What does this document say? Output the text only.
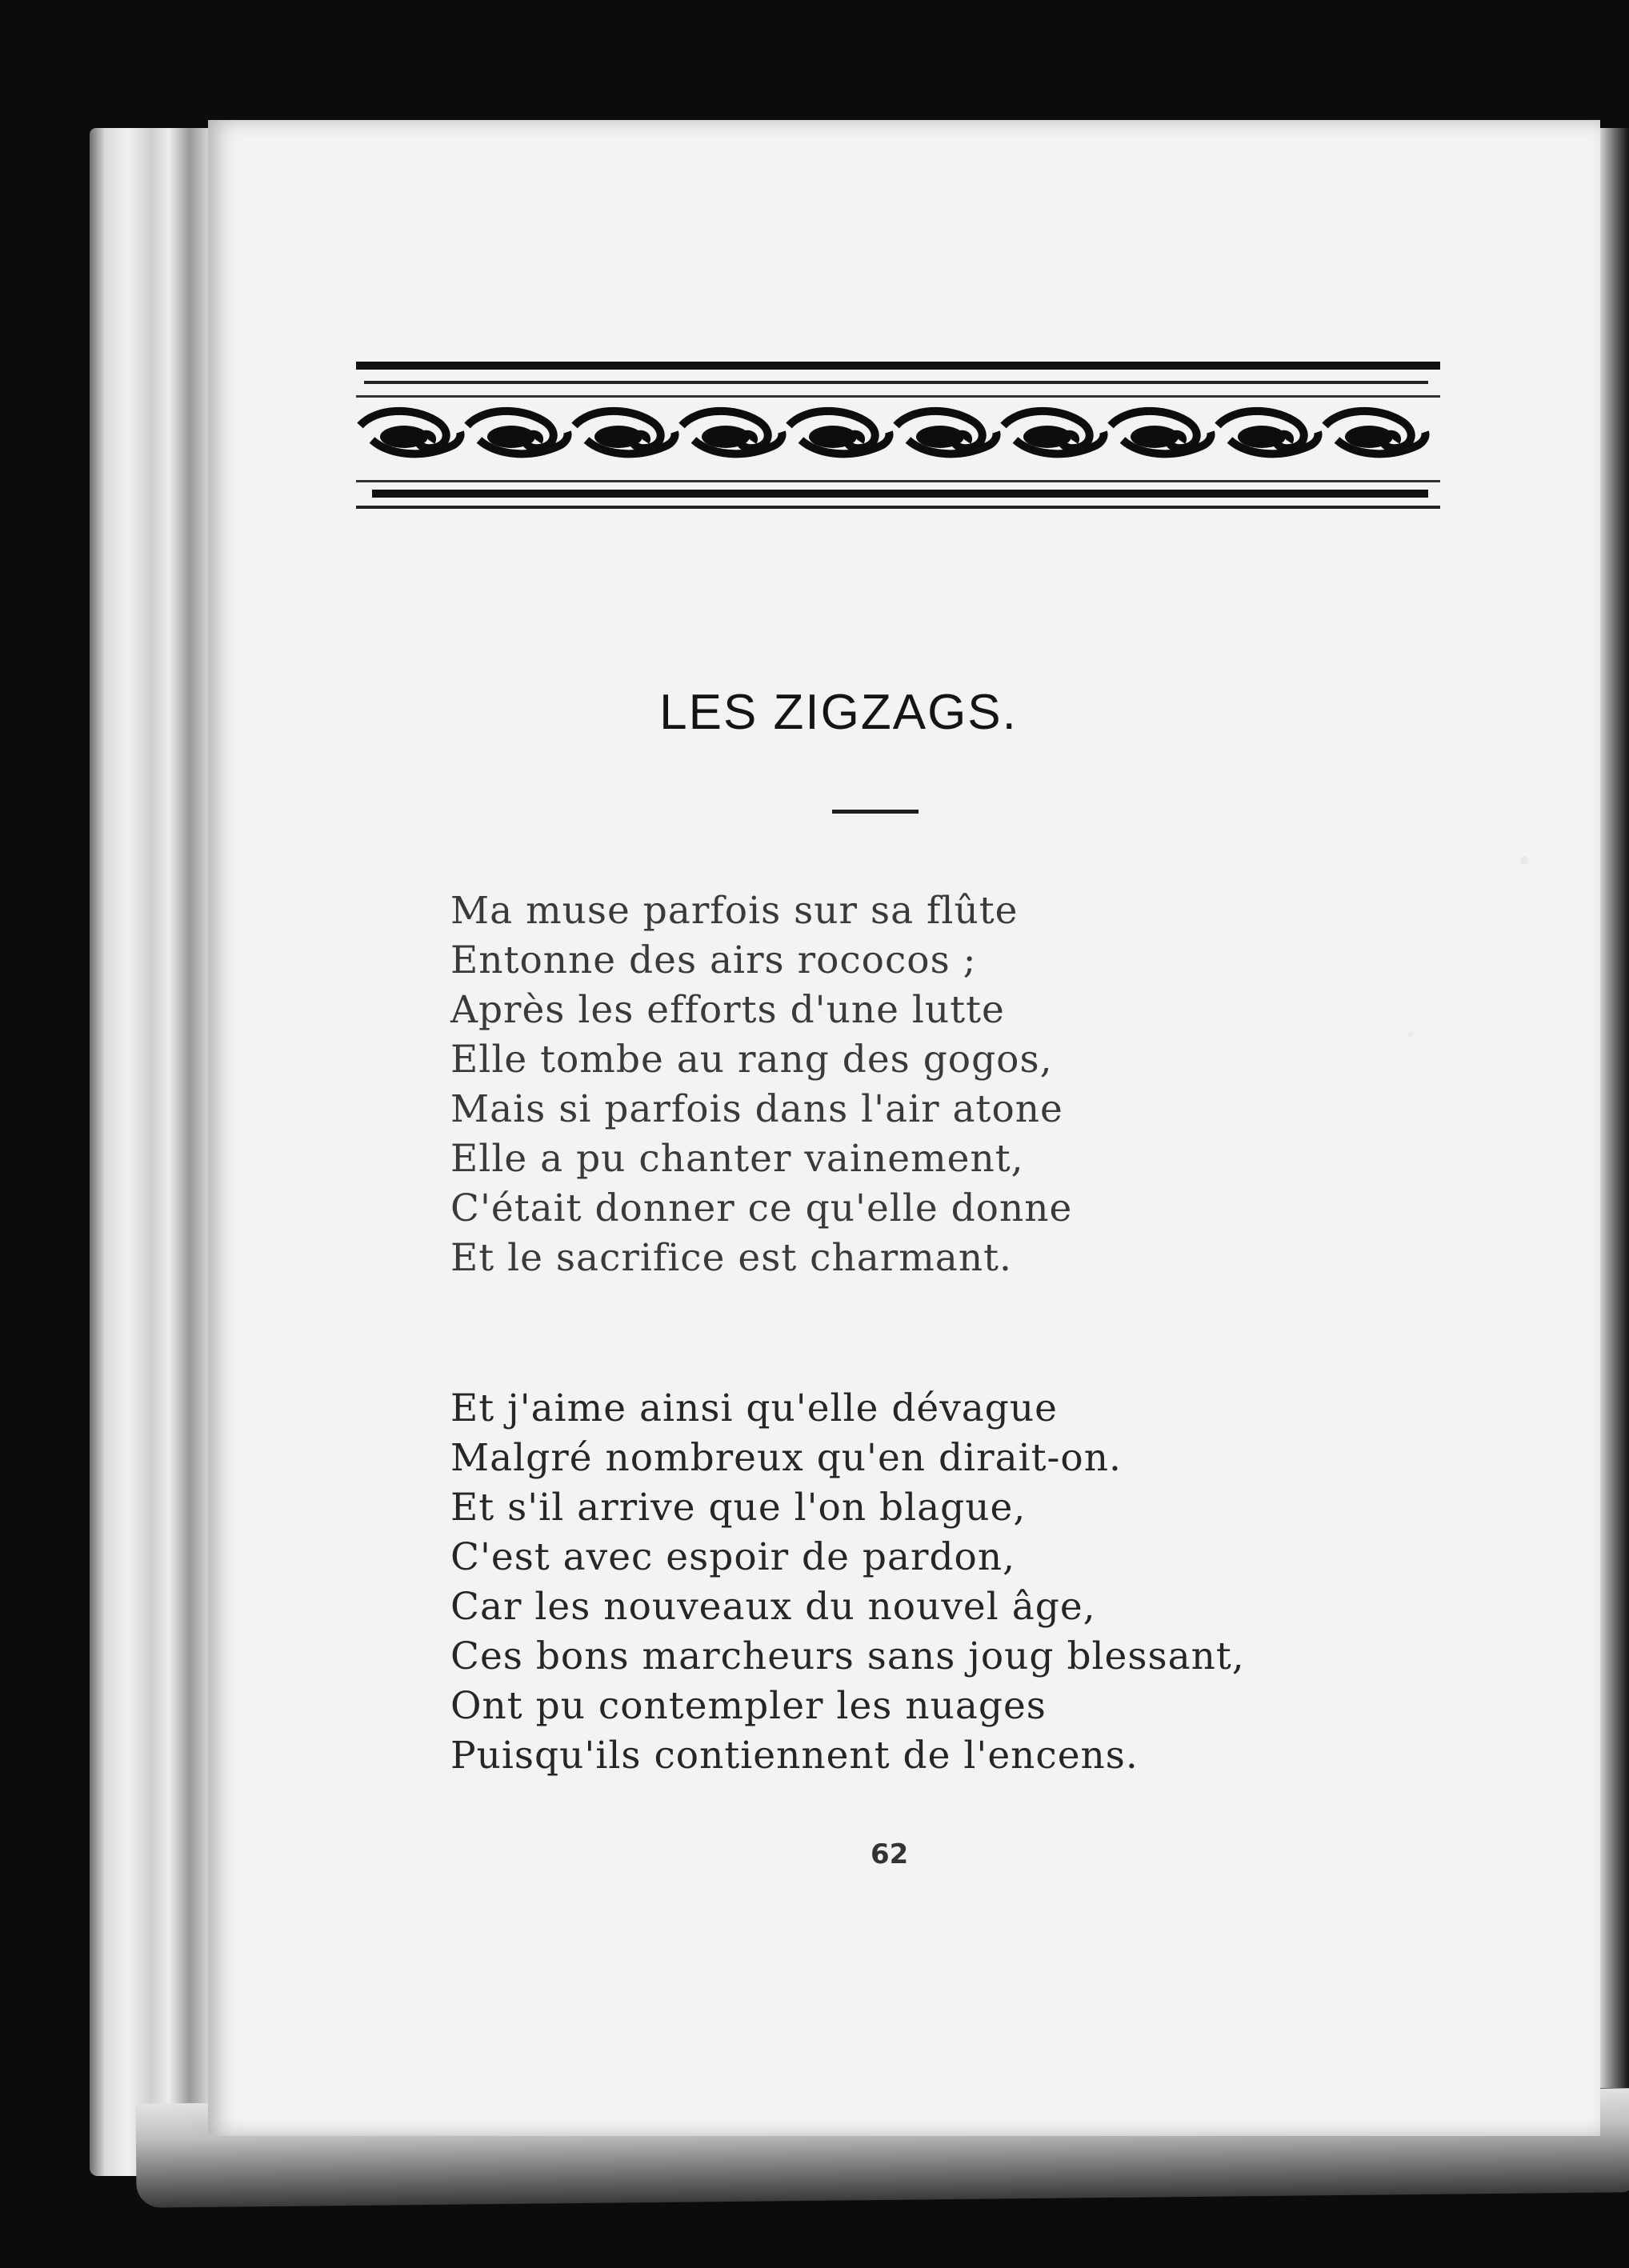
LES ZIGZAGS.
Ma muse parfois sur sa flûte
Entonne des airs rococos ;
Après les efforts d'une lutte
Elle tombe au rang des gogos,
Mais si parfois dans l'air atone
Elle a pu chanter vainement,
C'était donner ce qu'elle donne
Et le sacrifice est charmant.
Et j'aime ainsi qu'elle dévague
Malgré nombreux qu'en dirait-on.
Et s'il arrive que l'on blague,
C'est avec espoir de pardon,
Car les nouveaux du nouvel âge,
Ces bons marcheurs sans joug blessant,
Ont pu contempler les nuages
Puisqu'ils contiennent de l'encens.
62
